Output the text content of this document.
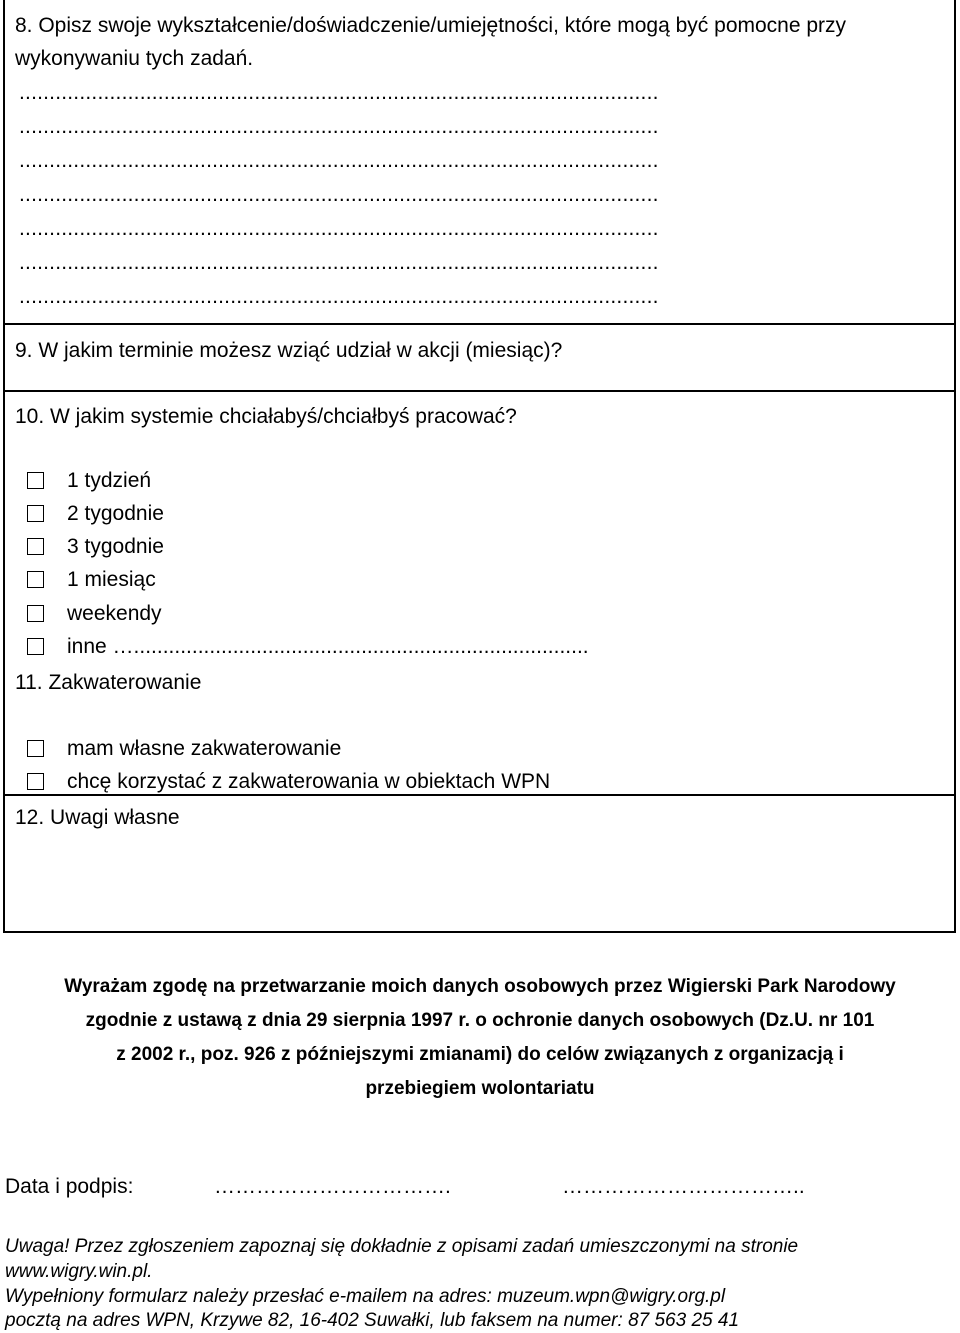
8. Opisz swoje wykształcenie/doświadczenie/umiejętności, które mogą być pomocne przy
wykonywaniu tych zadań.
..........................................................................................................
..........................................................................................................
..........................................................................................................
..........................................................................................................
..........................................................................................................
..........................................................................................................
..........................................................................................................
9. W jakim terminie możesz wziąć udział w akcji (miesiąc)?
10. W jakim systemie chciałabyś/chciałbyś pracować?
1 tydzień
2 tygodnie
3 tygodnie
1 miesiąc
weekendy
inne …..............................................................................
11. Zakwaterowanie
mam własne zakwaterowanie
chcę korzystać z zakwaterowania w obiektach WPN
12. Uwagi własne
Wyrażam zgodę na przetwarzanie moich danych osobowych przez Wigierski Park Narodowy
zgodnie z ustawą z dnia 29 sierpnia 1997 r. o ochronie danych osobowych (Dz.U. nr 101
z 2002 r., poz. 926 z późniejszymi zmianami) do celów związanych z organizacją i
przebiegiem wolontariatu
Data i podpis:	…………………………….	……………………………..
Uwaga! Przez zgłoszeniem zapoznaj się dokładnie z opisami zadań umieszczonymi na stronie
www.wigry.win.pl.
Wypełniony formularz należy przesłać e-mailem na adres: muzeum.wpn@wigry.org.pl
pocztą na adres WPN, Krzywe 82, 16-402 Suwałki, lub faksem na numer: 87 563 25 41
